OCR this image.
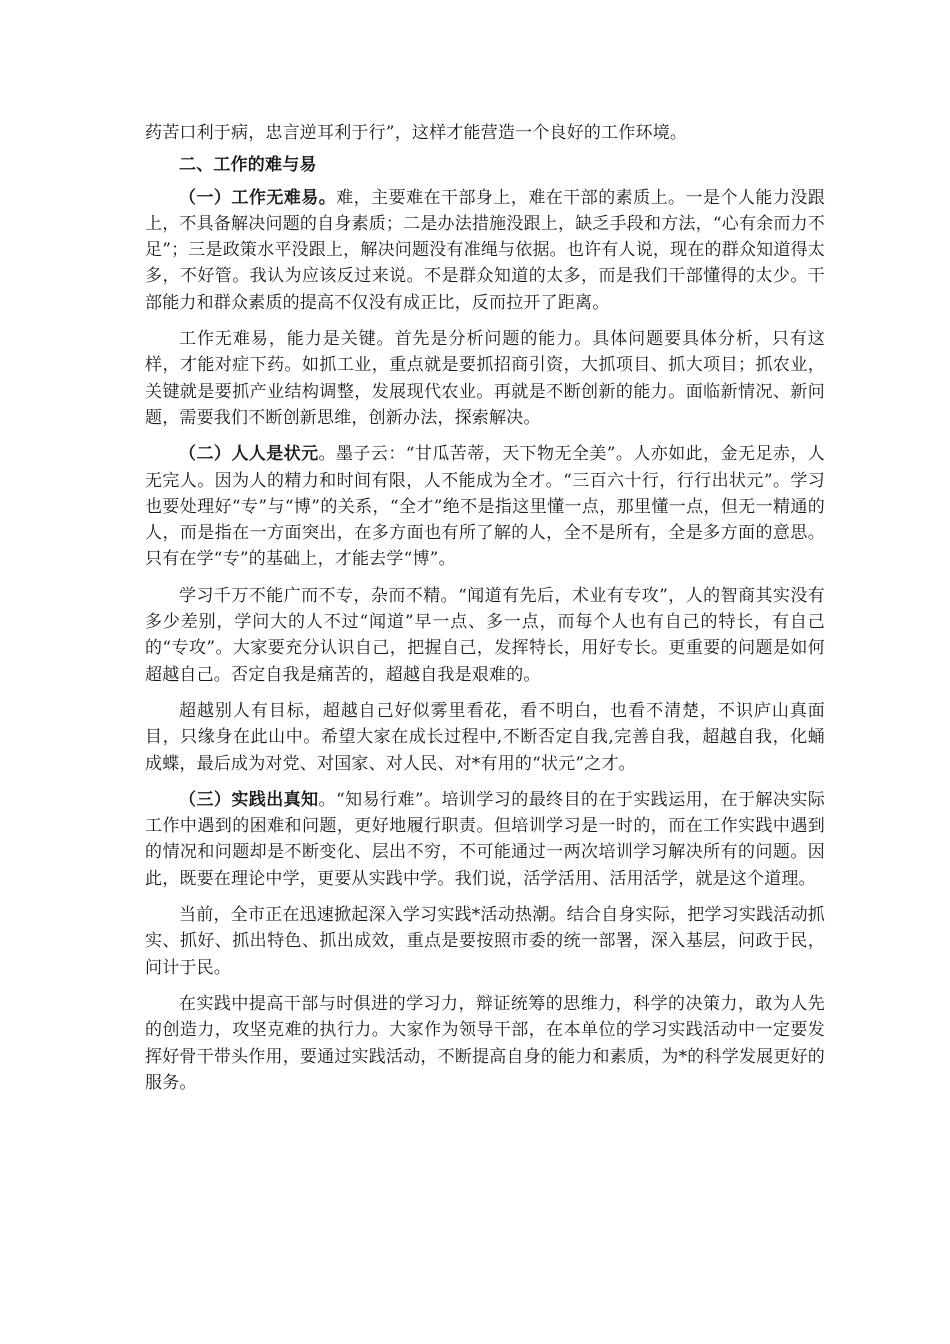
药苦口利于病，忠言逆耳利于行”，这样才能营造一个良好的工作环境。

二、工作的难与易

（一）工作无难易。难，主要难在干部身上，难在干部的素质上。一是个人能力没跟上，不具备解决问题的自身素质；二是办法措施没跟上，缺乏手段和方法，“心有余而力不足”；三是政策水平没跟上，解决问题没有准绳与依据。也许有人说，现在的群众知道得太多，不好管。我认为应该反过来说。不是群众知道的太多，而是我们干部懂得的太少。干部能力和群众素质的提高不仅没有成正比，反而拉开了距离。

工作无难易，能力是关键。首先是分析问题的能力。具体问题要具体分析，只有这样，才能对症下药。如抓工业，重点就是要抓招商引资，大抓项目、抓大项目；抓农业，关键就是要抓产业结构调整，发展现代农业。再就是不断创新的能力。面临新情况、新问题，需要我们不断创新思维，创新办法，探索解决。

（二）人人是状元。墨子云：“甘瓜苦蒂，天下物无全美”。人亦如此，金无足赤，人无完人。因为人的精力和时间有限，人不能成为全才。“三百六十行，行行出状元”。学习也要处理好“专”与“博”的关系，“全才”绝不是指这里懂一点，那里懂一点，但无一精通的人，而是指在一方面突出，在多方面也有所了解的人，全不是所有，全是多方面的意思。只有在学“专”的基础上，才能去学“博”。

学习千万不能广而不专，杂而不精。“闻道有先后，术业有专攻”，人的智商其实没有多少差别，学问大的人不过“闻道”早一点、多一点，而每个人也有自己的特长，有自己的“专攻”。大家要充分认识自己，把握自己，发挥特长，用好专长。更重要的问题是如何超越自己。否定自我是痛苦的，超越自我是艰难的。

超越别人有目标，超越自己好似雾里看花，看不明白，也看不清楚，不识庐山真面目，只缘身在此山中。希望大家在成长过程中,不断否定自我,完善自我，超越自我，化蛹成蝶，最后成为对党、对国家、对人民、对*有用的“状元”之才。

（三）实践出真知。“知易行难”。培训学习的最终目的在于实践运用，在于解决实际工作中遇到的困难和问题，更好地履行职责。但培训学习是一时的，而在工作实践中遇到的情况和问题却是不断变化、层出不穷，不可能通过一两次培训学习解决所有的问题。因此，既要在理论中学，更要从实践中学。我们说，活学活用、活用活学，就是这个道理。

当前，全市正在迅速掀起深入学习实践*活动热潮。结合自身实际，把学习实践活动抓实、抓好、抓出特色、抓出成效，重点是要按照市委的统一部署，深入基层，问政于民，问计于民。

在实践中提高干部与时俱进的学习力，辩证统筹的思维力，科学的决策力，敢为人先的创造力，攻坚克难的执行力。大家作为领导干部，在本单位的学习实践活动中一定要发挥好骨干带头作用，要通过实践活动，不断提高自身的能力和素质，为*的科学发展更好的服务。
